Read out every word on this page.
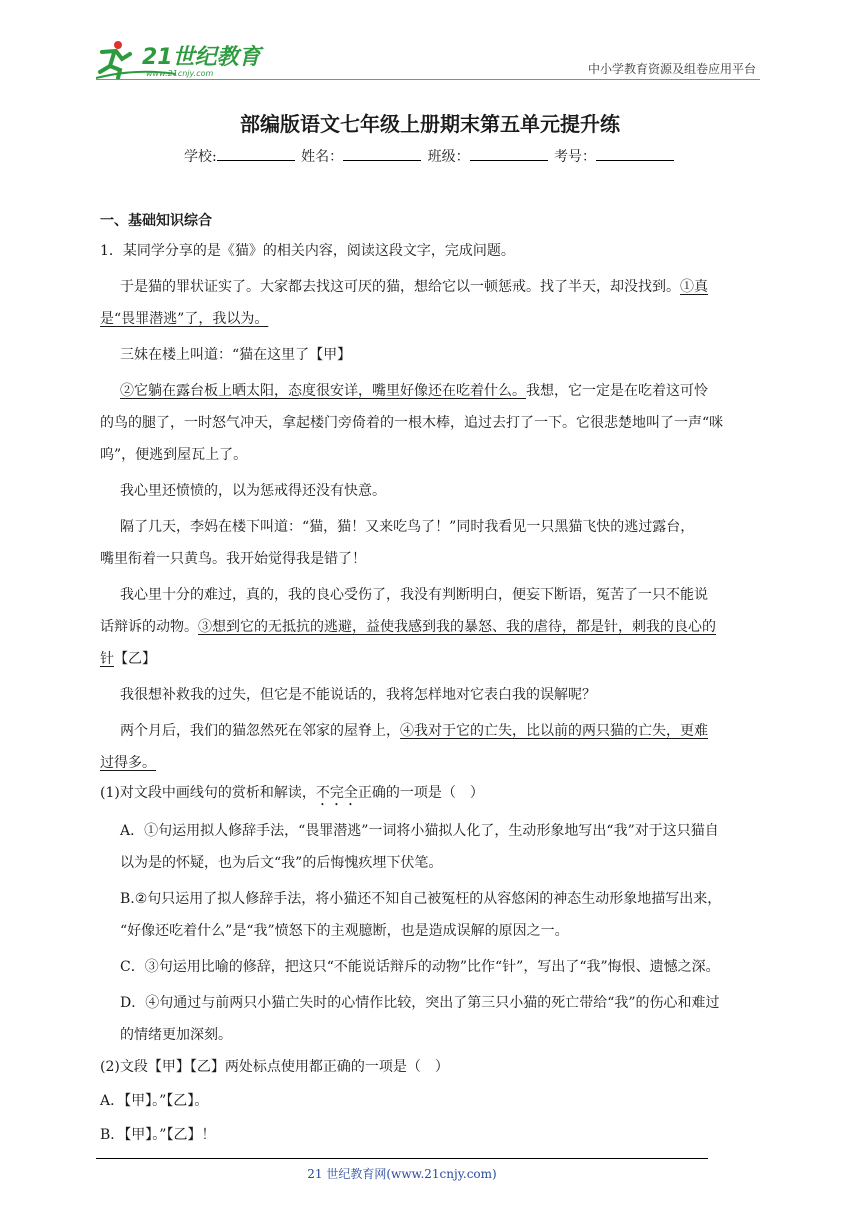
21世纪教育
www.21cnjy.com	中小学教育资源及组卷应用平台
部编版语文七年级上册期末第五单元提升练
学校:	姓名：	班级：	考号：
一、基础知识综合
1．某同学分享的是《猫》的相关内容，阅读这段文字，完成问题。
于是猫的罪状证实了。大家都去找这可厌的猫，想给它以一顿惩戒。找了半天，却没找到。①真
是“畏罪潜逃”了，我以为。
三妹在楼上叫道：“猫在这里了【甲】
②它躺在露台板上晒太阳，态度很安详，嘴里好像还在吃着什么。我想，它一定是在吃着这可怜
的鸟的腿了，一时怒气冲天，拿起楼门旁倚着的一根木棒，追过去打了一下。它很悲楚地叫了一声“咪
呜”，便逃到屋瓦上了。
我心里还愤愤的，以为惩戒得还没有快意。
隔了几天，李妈在楼下叫道：“猫，猫！又来吃鸟了！”同时我看见一只黑猫飞快的逃过露台，
嘴里衔着一只黄鸟。我开始觉得我是错了！
我心里十分的难过，真的，我的良心受伤了，我没有判断明白，便妄下断语，冤苦了一只不能说
话辩诉的动物。③想到它的无抵抗的逃避，益使我感到我的暴怒、我的虐待，都是针，刺我的良心的
针【乙】
我很想补救我的过失，但它是不能说话的，我将怎样地对它表白我的误解呢？
两个月后，我们的猫忽然死在邻家的屋脊上，④我对于它的亡失，比以前的两只猫的亡失，更难
过得多。
(1)对文段中画线句的赏析和解读，不完全正确的一项是（　）
A．①句运用拟人修辞手法，“畏罪潜逃”一词将小猫拟人化了，生动形象地写出“我”对于这只猫自
以为是的怀疑，也为后文“我”的后悔愧疚埋下伏笔。
B.②句只运用了拟人修辞手法，将小猫还不知自己被冤枉的从容悠闲的神态生动形象地描写出来，
“好像还吃着什么”是“我”愤怒下的主观臆断，也是造成误解的原因之一。
C．③句运用比喻的修辞，把这只“不能说话辩斥的动物”比作“针”，写出了“我”悔恨、遗憾之深。
D．④句通过与前两只小猫亡失时的心情作比较，突出了第三只小猫的死亡带给“我”的伤心和难过
的情绪更加深刻。
(2)文段【甲】【乙】两处标点使用都正确的一项是（　）
A．【甲】。”【乙】。
B．【甲】。”【乙】！
21 世纪教育网(www.21cnjy.com)
